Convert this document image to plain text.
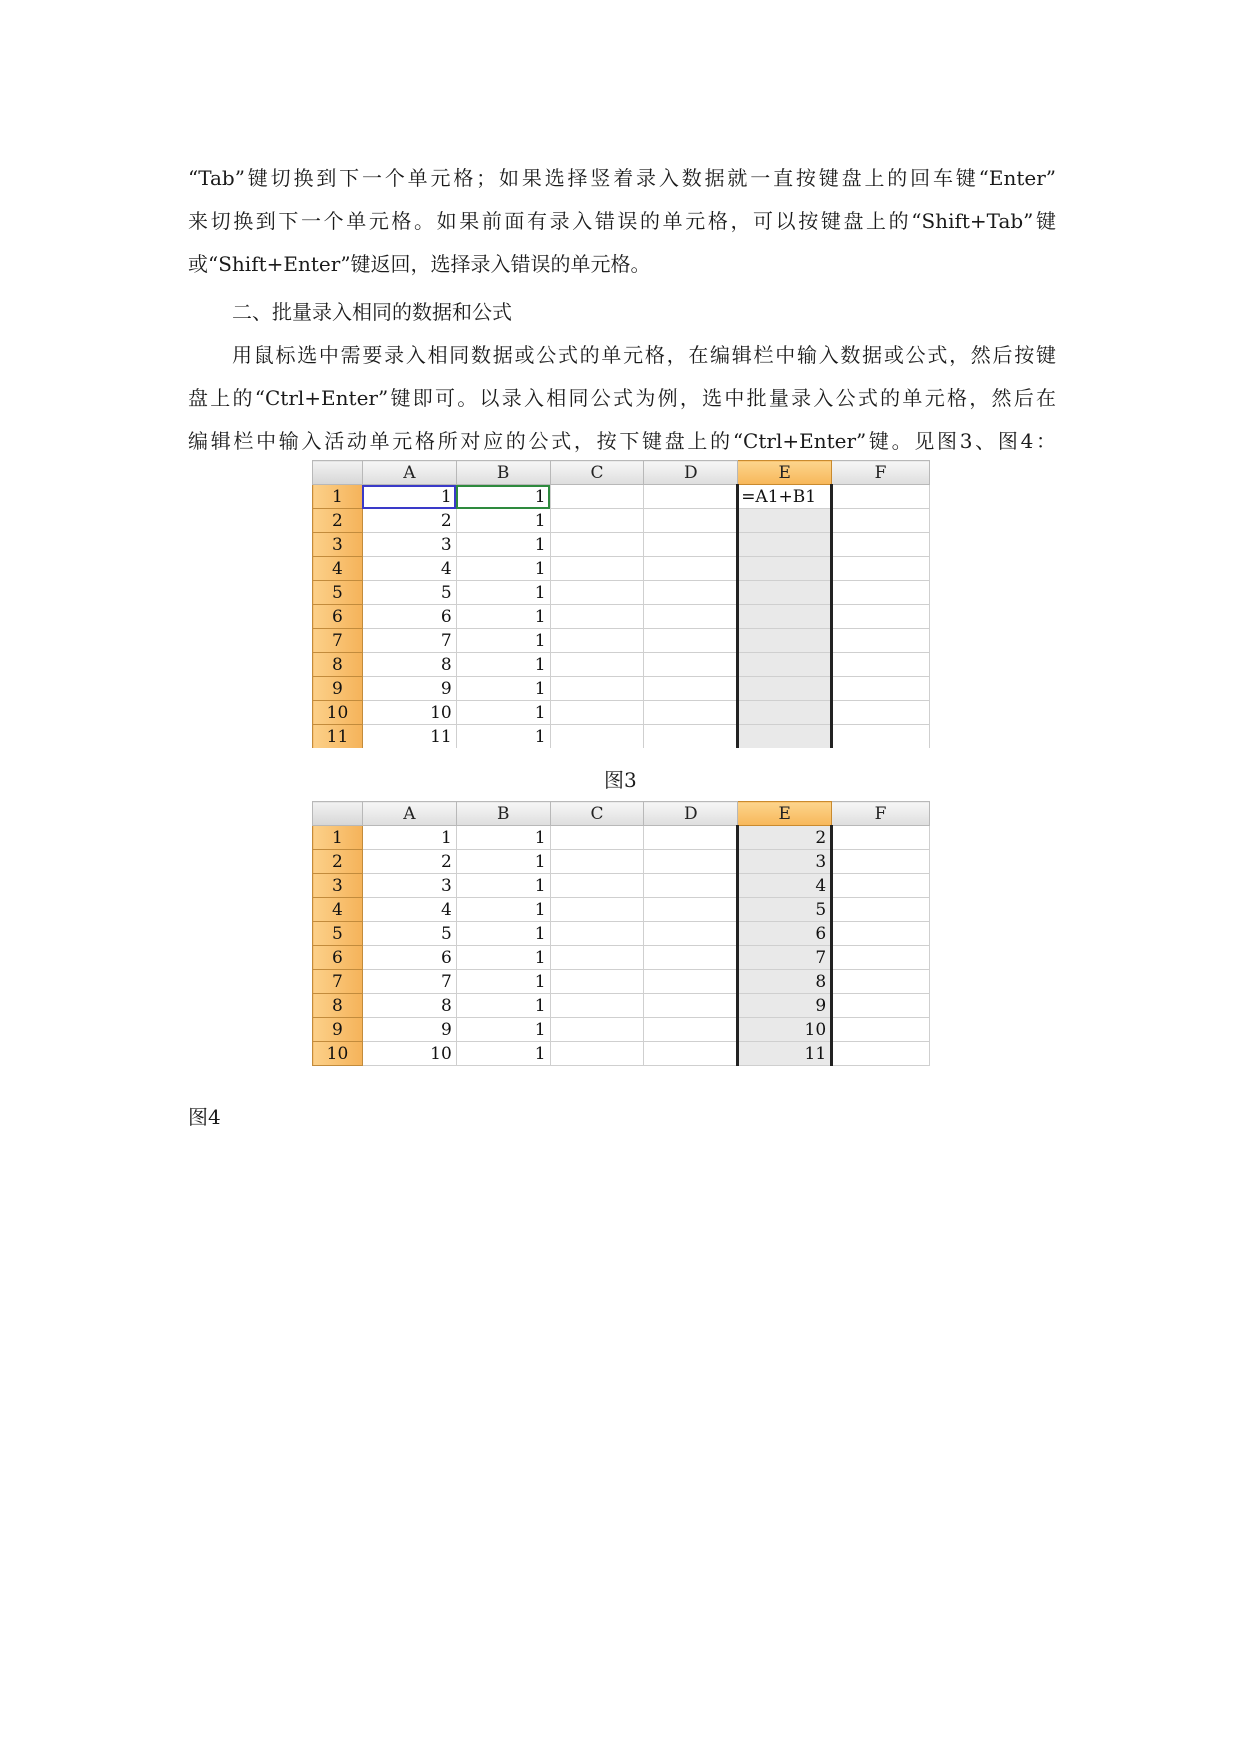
“Tab”键切换到下一个单元格；如果选择竖着录入数据就一直按键盘上的回车键“Enter”
来切换到下一个单元格。如果前面有录入错误的单元格，可以按键盘上的“Shift+Tab”键
或“Shift+Enter”键返回，选择录入错误的单元格。

二、批量录入相同的数据和公式

用鼠标选中需要录入相同数据或公式的单元格，在编辑栏中输入数据或公式，然后按键
盘上的“Ctrl+Enter”键即可。以录入相同公式为例，选中批量录入公式的单元格，然后在
编辑栏中输入活动单元格所对应的公式，按下键盘上的“Ctrl+Enter”键。见图3、图4：
	A	B	C	D	E	F
1	1	1			=A1+B1	
2	2	1				
3	3	1				
4	4	1				
5	5	1				
6	6	1				
7	7	1				
8	8	1				
9	9	1				
10	10	1				
11	11	1				

图3

	A	B	C	D	E	F
1	1	1			2	
2	2	1			3	
3	3	1			4	
4	4	1			5	
5	5	1			6	
6	6	1			7	
7	7	1			8	
8	8	1			9	
9	9	1			10	
10	10	1			11	

图4
